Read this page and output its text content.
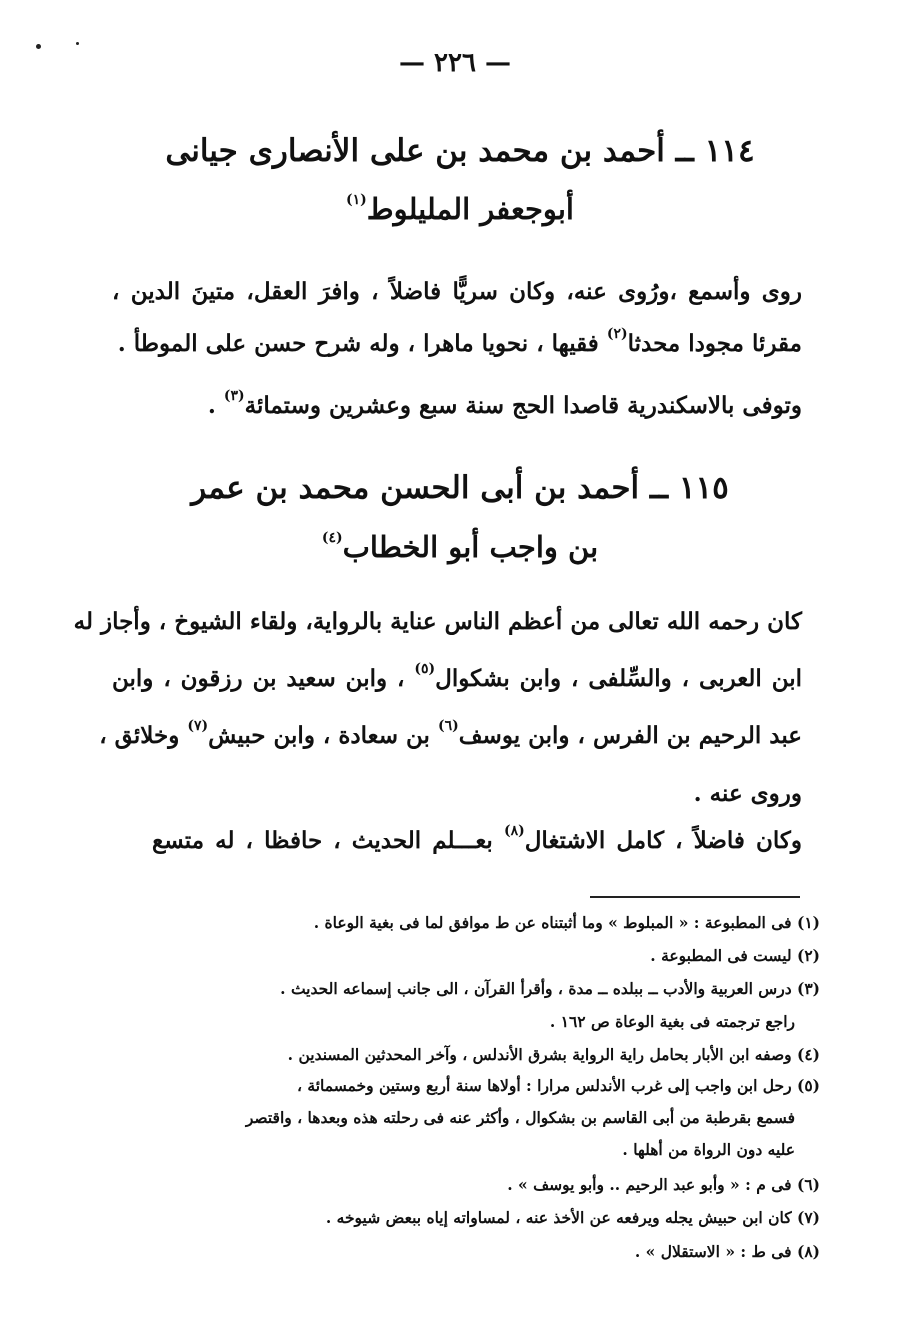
— ٢٢٦ —
١١٤ ــ أحمد بن محمد بن على الأنصارى جيانى
أبوجعفر المليلوط$^{(١)}$
روى وأسمع ،ورُوى عنه، وكان سريًّا فاضلاً ، وافرَ العقل، متينَ الدين ،
مقرئا مجودا محدثا$^{(٢)}$ فقيها ، نحويا ماهرا ، وله شرح حسن على الموطأ .
وتوفى بالاسكندرية قاصدا الحج سنة سبع وعشرين وستمائة$^{(٣)}$ .
١١٥ ــ أحمد بن أبى الحسن محمد بن عمر
بن واجب أبو الخطاب$^{(٤)}$
كان رحمه الله تعالى من أعظم الناس عناية بالرواية، ولقاء الشيوخ ، وأجاز له
ابن العربى ، والسِّلفى ، وابن بشكوال$^{(٥)}$ ، وابن سعيد بن رزقون ، وابن
عبد الرحيم بن الفرس ، وابن يوسف$^{(٦)}$ بن سعادة ، وابن حبيش$^{(٧)}$ وخلائق ،
وروى عنه .
وكان فاضلاً ، كامل الاشتغال$^{(٨)}$ بعـــلم الحديث ، حافظا ، له متسع
(١) فى المطبوعة : « المبلوط » وما أثبتناه عن ط موافق لما فى بغية الوعاة .
(٢) ليست فى المطبوعة .
(٣) درس العربية والأدب ــ ببلده ــ مدة ، وأقرأ القرآن ، الى جانب إسماعه الحديث .
راجع ترجمته فى بغية الوعاة ص ١٦٢ .
(٤) وصفه ابن الأبار بحامل راية الرواية بشرق الأندلس ، وآخر المحدثين المسندين .
(٥) رحل ابن واجب إلى غرب الأندلس مرارا : أولاها سنة أربع وستين وخمسمائة ،
فسمع بقرطبة من أبى القاسم بن بشكوال ، وأكثر عنه فى رحلته هذه وبعدها ، واقتصر
عليه دون الرواة من أهلها .
(٦) فى م : « وأبو عبد الرحيم .. وأبو يوسف » .
(٧) كان ابن حبيش يجله ويرفعه عن الأخذ عنه ، لمساواته إياه ببعض شيوخه .
(٨) فى ط : « الاستقلال » .
